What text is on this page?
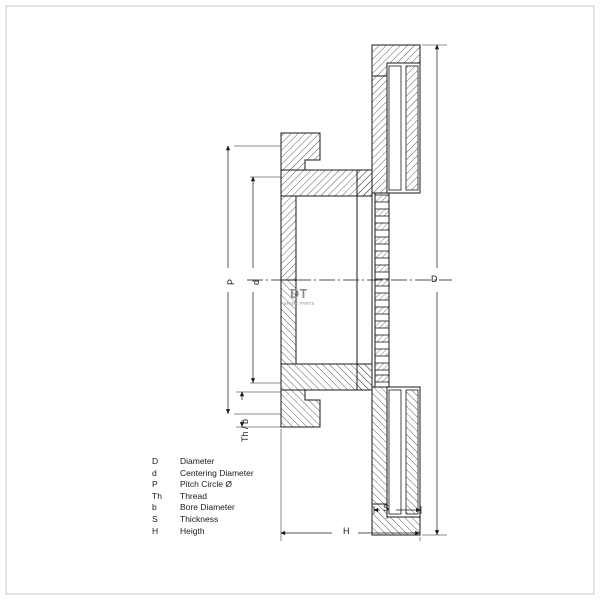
D
P d
Th / b
S
H
DT
SPARE PARTS
D	Diameter
d	Centering Diameter
P	Pitch Circle Ø
Th	Thread
b	Bore Diameter
S	Thickness
H	Heigth
